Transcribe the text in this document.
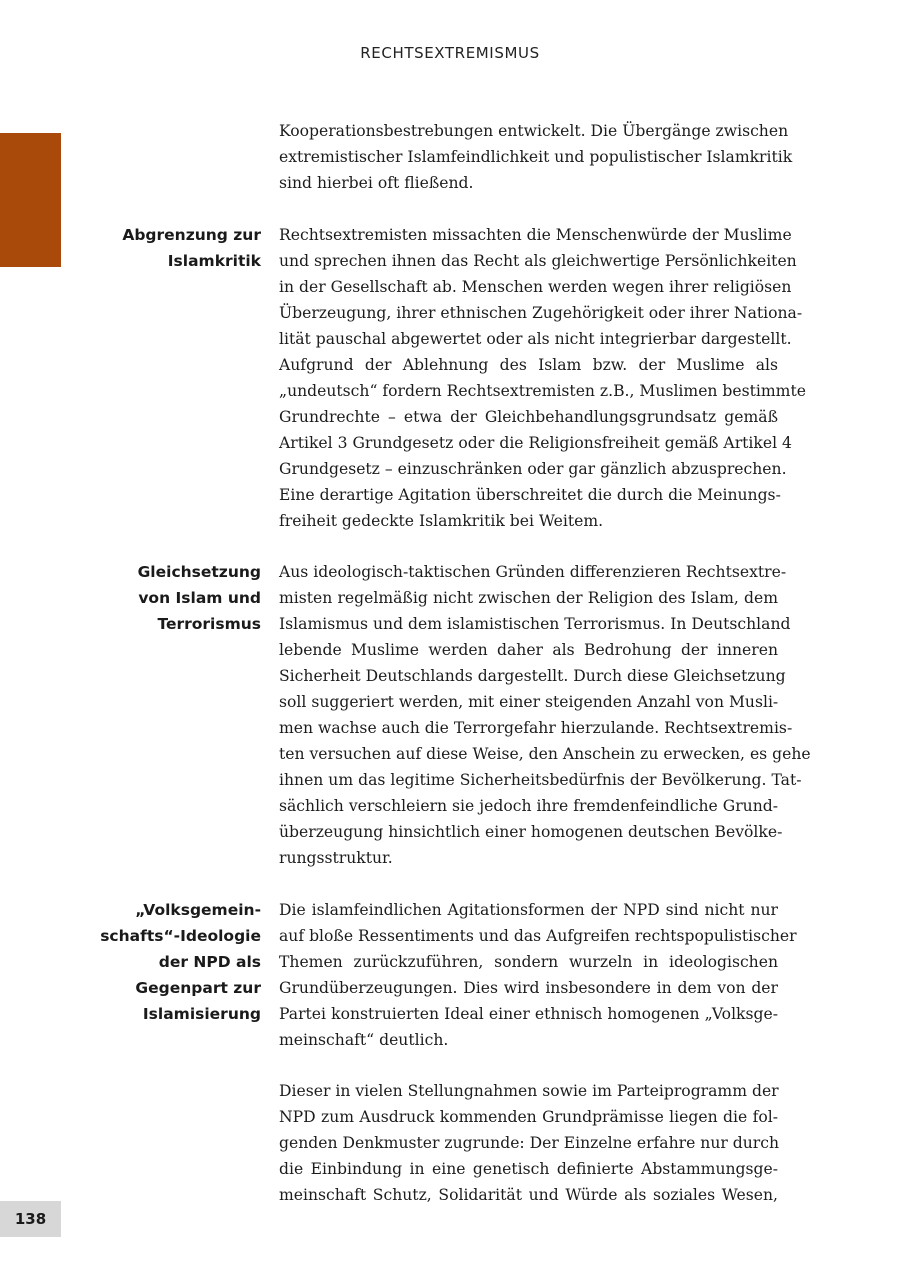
RECHTSEXTREMISMUS
Kooperationsbestrebungen entwickelt. Die Übergänge zwischen
extremistischer Islamfeindlichkeit und populistischer Islamkritik
sind hierbei oft fließend.
Abgrenzung zur
Islamkritik
Rechtsextremisten missachten die Menschenwürde der Muslime
und sprechen ihnen das Recht als gleichwertige Persönlichkeiten
in der Gesellschaft ab. Menschen werden wegen ihrer religiösen
Überzeugung, ihrer ethnischen Zugehörigkeit oder ihrer Nationa-
lität pauschal abgewertet oder als nicht integrierbar dargestellt.
Aufgrund der Ablehnung des Islam bzw. der Muslime als
„undeutsch“ fordern Rechtsextremisten z.B., Muslimen bestimmte
Grundrechte – etwa der Gleichbehandlungsgrundsatz gemäß
Artikel 3 Grundgesetz oder die Religionsfreiheit gemäß Artikel 4
Grundgesetz – einzuschränken oder gar gänzlich abzusprechen.
Eine derartige Agitation überschreitet die durch die Meinungs-
freiheit gedeckte Islamkritik bei Weitem.
Gleichsetzung
von Islam und
Terrorismus
Aus ideologisch-taktischen Gründen differenzieren Rechtsextre-
misten regelmäßig nicht zwischen der Religion des Islam, dem
Islamismus und dem islamistischen Terrorismus. In Deutschland
lebende Muslime werden daher als Bedrohung der inneren
Sicherheit Deutschlands dargestellt. Durch diese Gleichsetzung
soll suggeriert werden, mit einer steigenden Anzahl von Musli-
men wachse auch die Terrorgefahr hierzulande. Rechtsextremis-
ten versuchen auf diese Weise, den Anschein zu erwecken, es gehe
ihnen um das legitime Sicherheitsbedürfnis der Bevölkerung. Tat-
sächlich verschleiern sie jedoch ihre fremdenfeindliche Grund-
überzeugung hinsichtlich einer homogenen deutschen Bevölke-
rungsstruktur.
„Volksgemein-
schafts“-Ideologie
der NPD als
Gegenpart zur
Islamisierung
Die islamfeindlichen Agitationsformen der NPD sind nicht nur
auf bloße Ressentiments und das Aufgreifen rechtspopulistischer
Themen zurückzuführen, sondern wurzeln in ideologischen
Grundüberzeugungen. Dies wird insbesondere in dem von der
Partei konstruierten Ideal einer ethnisch homogenen „Volksge-
meinschaft“ deutlich.
Dieser in vielen Stellungnahmen sowie im Parteiprogramm der
NPD zum Ausdruck kommenden Grundprämisse liegen die fol-
genden Denkmuster zugrunde: Der Einzelne erfahre nur durch
die Einbindung in eine genetisch definierte Abstammungsge-
meinschaft Schutz, Solidarität und Würde als soziales Wesen,
138
